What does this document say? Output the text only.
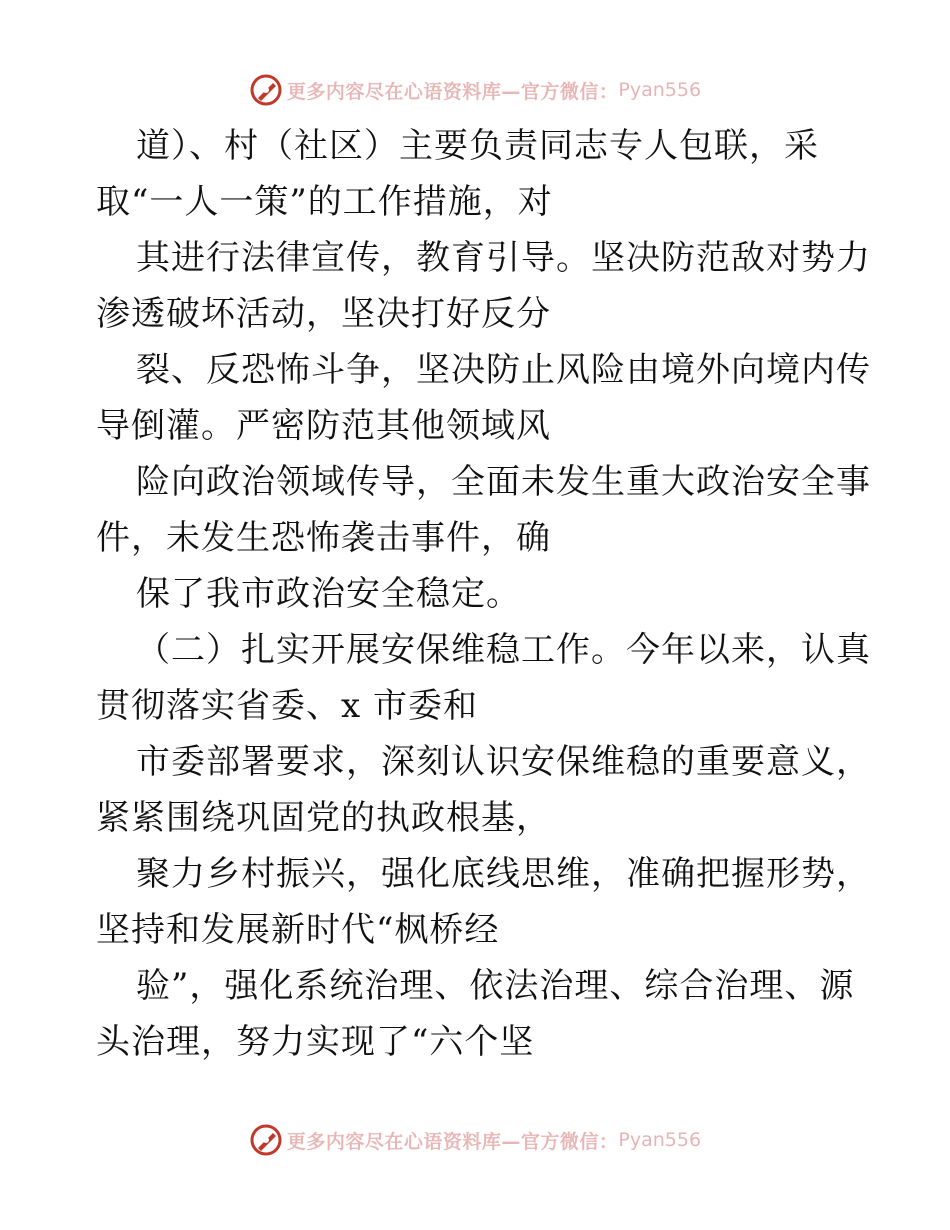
更多内容尽在心语资料库—官方微信： Pyan556
道）、村（社区）主要负责同志专人包联，采
取“一人一策”的工作措施，对
其进行法律宣传，教育引导。坚决防范敌对势力
渗透破坏活动，坚决打好反分
裂、反恐怖斗争，坚决防止风险由境外向境内传
导倒灌。严密防范其他领域风
险向政治领域传导，全面未发生重大政治安全事
件，未发生恐怖袭击事件，确
保了我市政治安全稳定。
（二）扎实开展安保维稳工作。今年以来，认真
贯彻落实省委、x 市委和
市委部署要求，深刻认识安保维稳的重要意义，
紧紧围绕巩固党的执政根基，
聚力乡村振兴，强化底线思维，准确把握形势，
坚持和发展新时代“枫桥经
验”，强化系统治理、依法治理、综合治理、源
头治理，努力实现了“六个坚
更多内容尽在心语资料库—官方微信： Pyan556
